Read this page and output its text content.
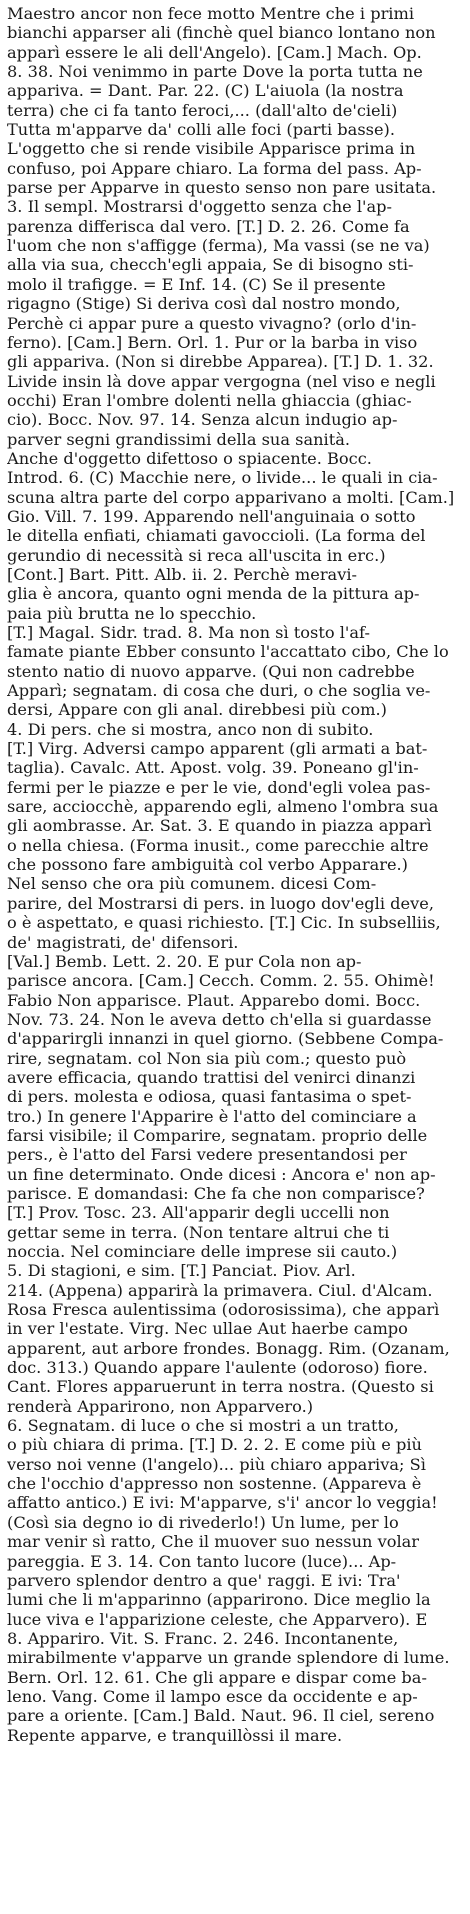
Maestro ancor non fece motto Mentre che i primi
bianchi apparser ali (finchè quel bianco lontano non
apparì essere le ali dell'Angelo). [Cam.] Mach. Op.
8. 38. Noi venimmo in parte Dove la porta tutta ne
appariva. = Dant. Par. 22. (C) L'aiuola (la nostra
terra) che ci fa tanto feroci,... (dall'alto de'cieli)
Tutta m'apparve da' colli alle foci (parti basse).
L'oggetto che si rende visibile Apparisce prima in
confuso, poi Appare chiaro. La forma del pass. Ap-
parse per Apparve in questo senso non pare usitata.
3. Il sempl. Mostrarsi d'oggetto senza che l'ap-
parenza differisca dal vero. [T.] D. 2. 26. Come fa
l'uom che non s'affigge (ferma), Ma vassi (se ne va)
alla via sua, checch'egli appaia, Se di bisogno sti-
molo il trafigge. = E Inf. 14. (C) Se il presente
rigagno (Stige) Si deriva così dal nostro mondo,
Perchè ci appar pure a questo vivagno? (orlo d'in-
ferno). [Cam.] Bern. Orl. 1. Pur or la barba in viso
gli appariva. (Non si direbbe Apparea). [T.] D. 1. 32.
Livide insin là dove appar vergogna (nel viso e negli
occhi) Eran l'ombre dolenti nella ghiaccia (ghiac-
cio). Bocc. Nov. 97. 14. Senza alcun indugio ap-
parver segni grandissimi della sua sanità.
Anche d'oggetto difettoso o spiacente. Bocc.
Introd. 6. (C) Macchie nere, o livide... le quali in cia-
scuna altra parte del corpo apparivano a molti. [Cam.]
Gio. Vill. 7. 199. Apparendo nell'anguinaia o sotto
le ditella enfiati, chiamati gavoccioli. (La forma del
gerundio di necessità si reca all'uscita in erc.)
[Cont.] Bart. Pitt. Alb. ii. 2. Perchè meravi-
glia è ancora, quanto ogni menda de la pittura ap-
paia più brutta ne lo specchio.
[T.] Magal. Sidr. trad. 8. Ma non sì tosto l'af-
famate piante Ebber consunto l'accattato cibo, Che lo
stento natio di nuovo apparve. (Qui non cadrebbe
Apparì; segnatam. di cosa che duri, o che soglia ve-
dersi, Appare con gli anal. direbbesi più com.)
4. Di pers. che si mostra, anco non di subito.
[T.] Virg. Adversi campo apparent (gli armati a bat-
taglia). Cavalc. Att. Apost. volg. 39. Poneano gl'in-
fermi per le piazze e per le vie, dond'egli volea pas-
sare, acciocchè, apparendo egli, almeno l'ombra sua
gli aombrasse. Ar. Sat. 3. E quando in piazza apparì
o nella chiesa. (Forma inusit., come parecchie altre
che possono fare ambiguità col verbo Apparare.)
Nel senso che ora più comunem. dicesi Com-
parire, del Mostrarsi di pers. in luogo dov'egli deve,
o è aspettato, e quasi richiesto. [T.] Cic. In subselliis,
de' magistrati, de' difensori.
[Val.] Bemb. Lett. 2. 20. E pur Cola non ap-
parisce ancora. [Cam.] Cecch. Comm. 2. 55. Ohimè!
Fabio Non apparisce. Plaut. Apparebo domi. Bocc.
Nov. 73. 24. Non le aveva detto ch'ella si guardasse
d'apparirgli innanzi in quel giorno. (Sebbene Compa-
rire, segnatam. col Non sia più com.; questo può
avere efficacia, quando trattisi del venirci dinanzi
di pers. molesta e odiosa, quasi fantasima o spet-
tro.) In genere l'Apparire è l'atto del cominciare a
farsi visibile; il Comparire, segnatam. proprio delle
pers., è l'atto del Farsi vedere presentandosi per
un fine determinato. Onde dicesi : Ancora e' non ap-
parisce. E domandasi: Che fa che non comparisce?
[T.] Prov. Tosc. 23. All'apparir degli uccelli non
gettar seme in terra. (Non tentare altrui che ti
noccia. Nel cominciare delle imprese sii cauto.)
5. Di stagioni, e sim. [T.] Panciat. Piov. Arl.
214. (Appena) apparirà la primavera. Ciul. d'Alcam.
Rosa Fresca aulentissima (odorosissima), che apparì
in ver l'estate. Virg. Nec ullae Aut haerbe campo
apparent, aut arbore frondes. Bonagg. Rim. (Ozanam,
doc. 313.) Quando appare l'aulente (odoroso) fiore.
Cant. Flores apparuerunt in terra nostra. (Questo si
renderà Apparirono, non Apparvero.)
6. Segnatam. di luce o che si mostri a un tratto,
o più chiara di prima. [T.] D. 2. 2. E come più e più
verso noi venne (l'angelo)... più chiaro appariva; Sì
che l'occhio d'appresso non sostenne. (Appareva è
affatto antico.) E ivi: M'apparve, s'i' ancor lo veggia!
(Così sia degno io di rivederlo!) Un lume, per lo
mar venir sì ratto, Che il muover suo nessun volar
pareggia. E 3. 14. Con tanto lucore (luce)... Ap-
parvero splendor dentro a que' raggi. E ivi: Tra'
lumi che li m'apparinno (apparirono. Dice meglio la
luce viva e l'apparizione celeste, che Apparvero). E
8. Appariro. Vit. S. Franc. 2. 246. Incontanente,
mirabilmente v'apparve un grande splendore di lume.
Bern. Orl. 12. 61. Che gli appare e dispar come ba-
leno. Vang. Come il lampo esce da occidente e ap-
pare a oriente. [Cam.] Bald. Naut. 96. Il ciel, sereno
Repente apparve, e tranquillòssi il mare.
